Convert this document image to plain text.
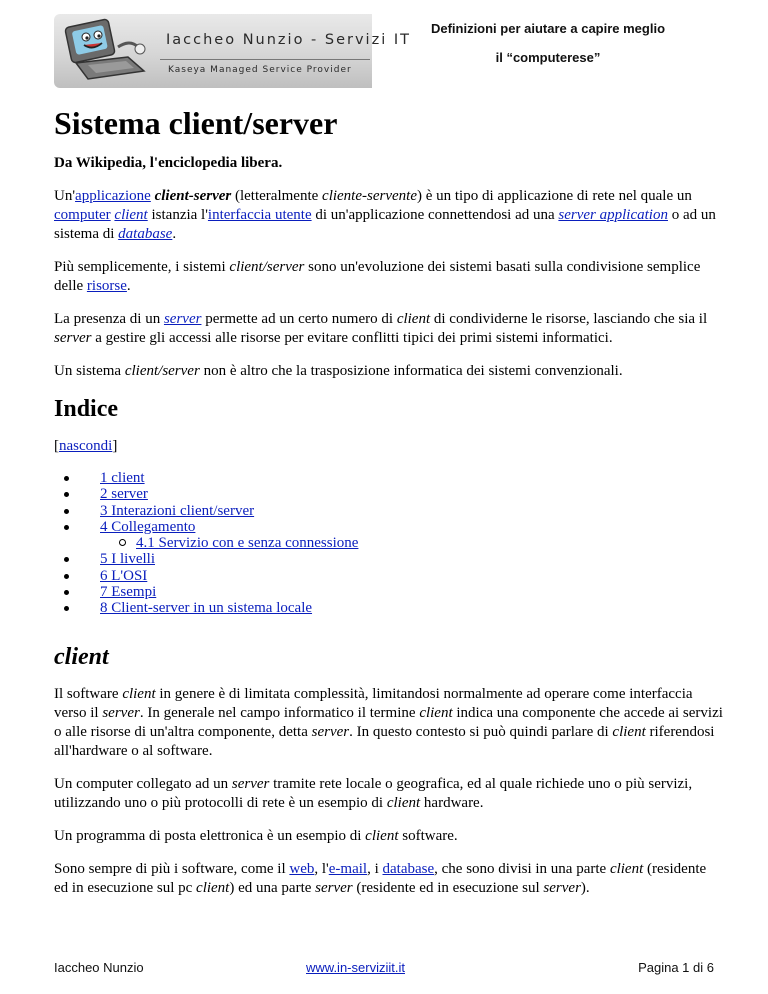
Iaccheo Nunzio - Servizi IT
Kaseya Managed Service Provider
Definizioni per aiutare a capire meglio
il “computerese”
Sistema client/server
Da Wikipedia, l'enciclopedia libera.

Un'applicazione client-server (letteralmente cliente-servente) è un tipo di applicazione di rete nel quale un computer client istanzia l'interfaccia utente di un'applicazione connettendosi ad una server application o ad un sistema di database.

Più semplicemente, i sistemi client/server sono un'evoluzione dei sistemi basati sulla condivisione semplice delle risorse.

La presenza di un server permette ad un certo numero di client di condividerne le risorse, lasciando che sia il server a gestire gli accessi alle risorse per evitare conflitti tipici dei primi sistemi informatici.

Un sistema client/server non è altro che la trasposizione informatica dei sistemi convenzionali.

Indice
[nascondi]
1 client
2 server
3 Interazioni client/server
4 Collegamento
4.1 Servizio con e senza connessione
5 I livelli
6 L'OSI
7 Esempi
8 Client-server in un sistema locale
client

Il software client in genere è di limitata complessità, limitandosi normalmente ad operare come interfaccia verso il server. In generale nel campo informatico il termine client indica una componente che accede ai servizi o alle risorse di un'altra componente, detta server. In questo contesto si può quindi parlare di client riferendosi all'hardware o al software.

Un computer collegato ad un server tramite rete locale o geografica, ed al quale richiede uno o più servizi, utilizzando uno o più protocolli di rete è un esempio di client hardware.

Un programma di posta elettronica è un esempio di client software.

Sono sempre di più i software, come il web, l'e-mail, i database, che sono divisi in una parte client (residente ed in esecuzione sul pc client) ed una parte server (residente ed in esecuzione sul server).

Iaccheo Nunzio	www.in-serviziit.it	Pagina 1 di 6
